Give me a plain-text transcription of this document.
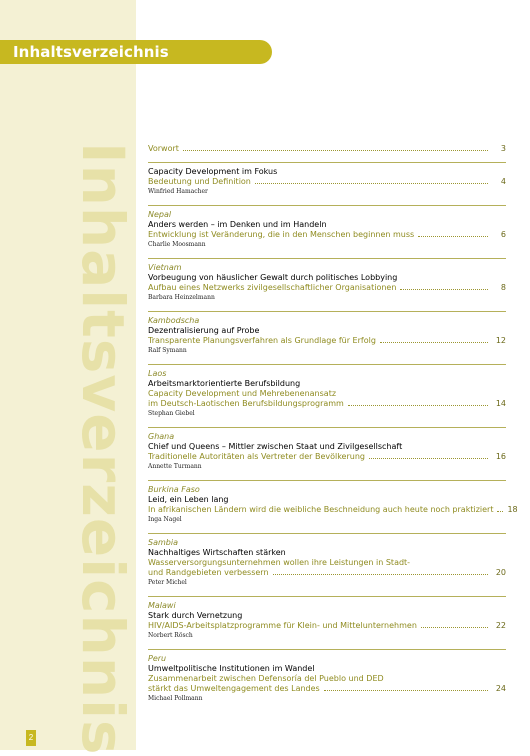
Inhaltsverzeichnis
Inhaltsverzeichnis
Vorwort	3
Capacity Development im Fokus
Bedeutung und Definition	4
Winfried Hamacher
Nepal
Anders werden – im Denken und im Handeln
Entwicklung ist Veränderung, die in den Menschen beginnen muss	6
Charlie Moosmann
Vietnam
Vorbeugung von häuslicher Gewalt durch politisches Lobbying
Aufbau eines Netzwerks zivilgesellschaftlicher Organisationen	8
Barbara Heinzelmann
Kambodscha
Dezentralisierung auf Probe
Transparente Planungsverfahren als Grundlage für Erfolg	12
Ralf Symann
Laos
Arbeitsmarktorientierte Berufsbildung
Capacity Development und Mehrebenenansatz
im Deutsch-Laotischen Berufsbildungsprogramm	14
Stephan Giebel
Ghana
Chief und Queens – Mittler zwischen Staat und Zivilgesellschaft
Traditionelle Autoritäten als Vertreter der Bevölkerung	16
Annette Turmann
Burkina Faso
Leid, ein Leben lang
In afrikanischen Ländern wird die weibliche Beschneidung auch heute noch praktiziert 18
Inga Nagel
Sambia
Nachhaltiges Wirtschaften stärken
Wasserversorgungsunternehmen wollen ihre Leistungen in Stadt-
und Randgebieten verbessern	20
Peter Michel
Malawi
Stark durch Vernetzung
HIV/AIDS-Arbeitsplatzprogramme für Klein- und Mittelunternehmen	22
Norbert Rösch
Peru
Umweltpolitische Institutionen im Wandel
Zusammenarbeit zwischen Defensoría del Pueblo und DED
stärkt das Umweltengagement des Landes	24
Michael Pollmann
2
